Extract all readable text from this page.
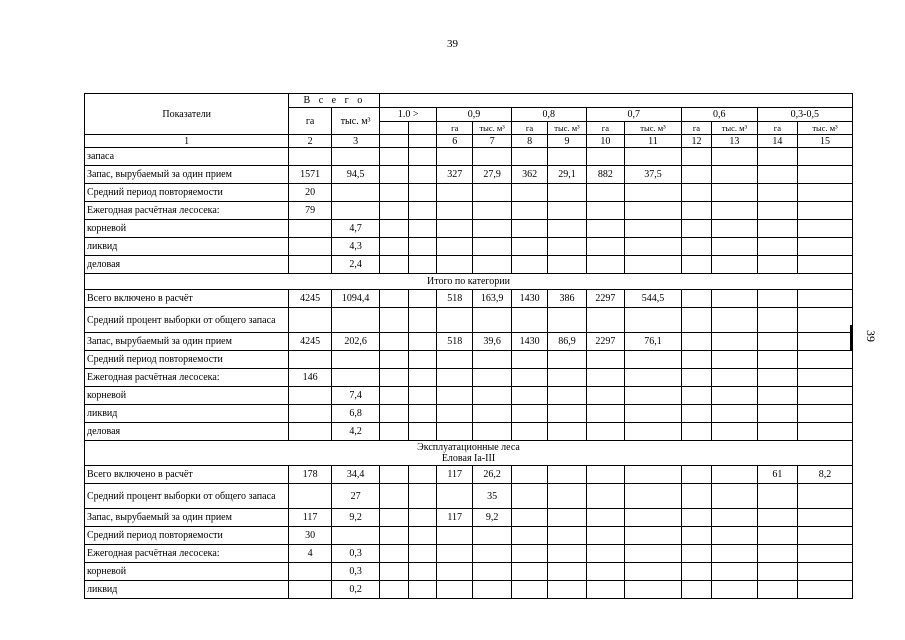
39
39
Показатели	В с е г о													
	га	тыс. м³	1.0 >		0,9		0,8		0,7		0,6		0,3-0,5	
					га	тыс. м³	га	тыс. м³	га	тыс. м³	га	тыс. м³	га	тыс. м³
1	2	3			6	7	8	9	10	11	12	13	14	15
запаса														
Запас, вырубаемый за один прием	1571	94,5			327	27,9	362	29,1	882	37,5				
Средний период повторяемости	20													
Ежегодная расчётная лесосека:	79													
корневой		4,7												
ликвид		4,3												
деловая		2,4												
Итого по категории														
Всего включено в расчёт	4245	1094,4			518	163,9	1430	386	2297	544,5				
Средний процент выборки от общего запаса														
Запас, вырубаемый за один прием	4245	202,6			518	39,6	1430	86,9	2297	76,1				
Средний период повторяемости														
Ежегодная расчётная лесосека:	146													
корневой		7,4												
ликвид		6,8												
деловая		4,2												

Эксплуатационные леса
Еловая Ia-III														

Всего включено в расчёт	178	34,4			117	26,2							61	8,2
Средний процент выборки от общего запаса		27				35								
Запас, вырубаемый за один прием	117	9,2			117	9,2								
Средний период повторяемости	30													
Ежегодная расчётная лесосека:	4	0,3												
корневой		0,3												
ликвид		0,2												
